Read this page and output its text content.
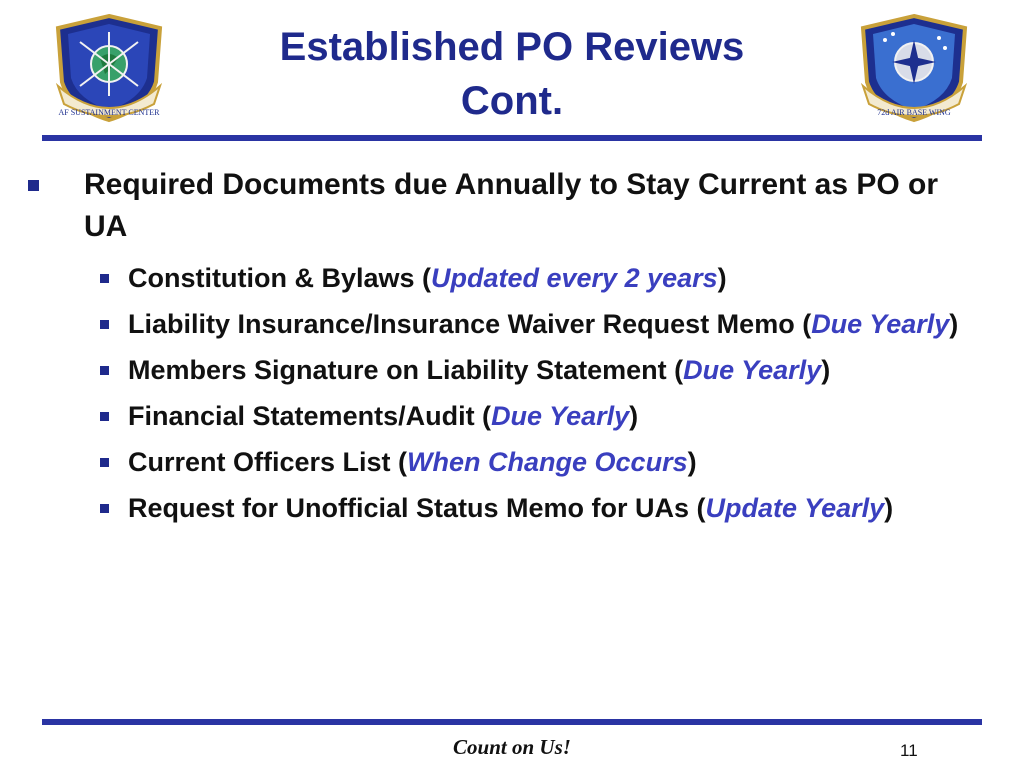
AF SUSTAINMENT CENTER
Established PO Reviews
Cont.	72d AIR BASE WING
Required Documents due Annually to Stay Current as PO or UA
Constitution & Bylaws (Updated every 2 years)
Liability Insurance/Insurance Waiver Request Memo (Due Yearly)
Members Signature on Liability Statement (Due Yearly)
Financial Statements/Audit (Due Yearly)
Current Officers List (When Change Occurs)
Request for Unofficial Status Memo for UAs (Update Yearly)
Count on Us!	11
